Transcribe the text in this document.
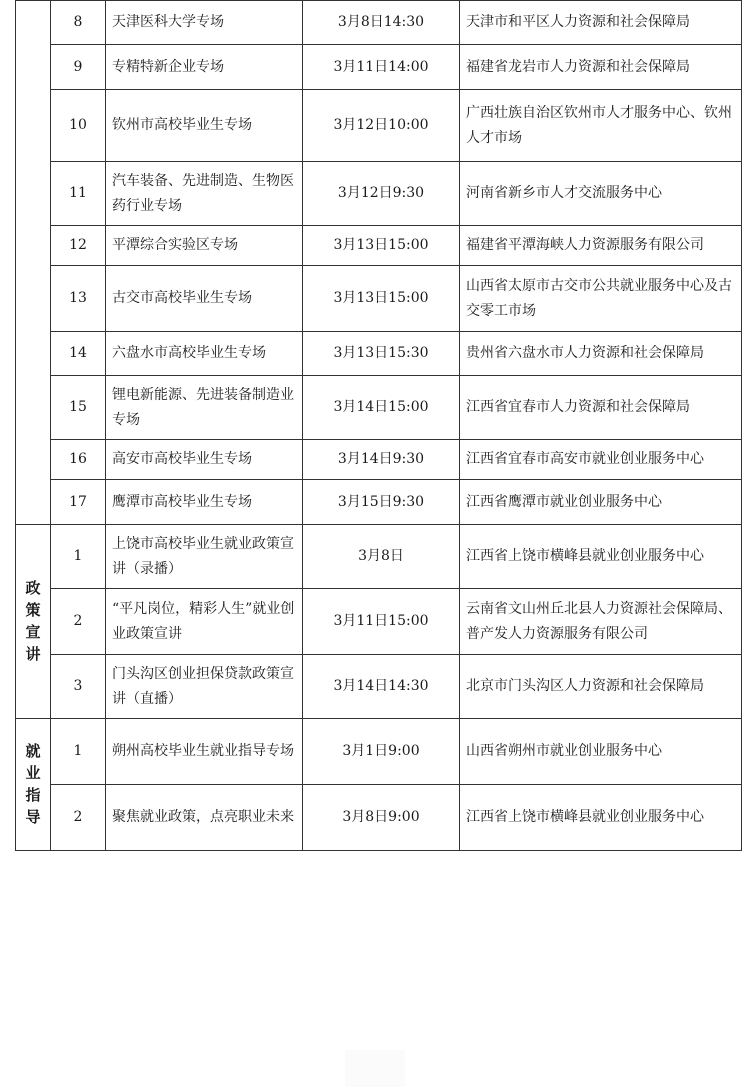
	8	天津医科大学专场	3月8日14:30	天津市和平区人力资源和社会保障局
	9	专精特新企业专场	3月11日14:00	福建省龙岩市人力资源和社会保障局
	10	钦州市高校毕业生专场	3月12日10:00	广西壮族自治区钦州市人才服务中心、钦州人才市场
	11	汽车装备、先进制造、生物医药行业专场	3月12日9:30	河南省新乡市人才交流服务中心
	12	平潭综合实验区专场	3月13日15:00	福建省平潭海峡人力资源服务有限公司
	13	古交市高校毕业生专场	3月13日15:00	山西省太原市古交市公共就业服务中心及古交零工市场
	14	六盘水市高校毕业生专场	3月13日15:30	贵州省六盘水市人力资源和社会保障局
	15	锂电新能源、先进装备制造业专场	3月14日15:00	江西省宜春市人力资源和社会保障局
	16	高安市高校毕业生专场	3月14日9:30	江西省宜春市高安市就业创业服务中心
	17	鹰潭市高校毕业生专场	3月15日9:30	江西省鹰潭市就业创业服务中心
政策宣讲	1	上饶市高校毕业生就业政策宣讲（录播）	3月8日	江西省上饶市横峰县就业创业服务中心
	2	“平凡岗位，精彩人生”就业创业政策宣讲	3月11日15:00	云南省文山州丘北县人力资源社会保障局、普产发人力资源服务有限公司
	3	门头沟区创业担保贷款政策宣讲（直播）	3月14日14:30	北京市门头沟区人力资源和社会保障局
就业指导	1	朔州高校毕业生就业指导专场	3月1日9:00	山西省朔州市就业创业服务中心
	2	聚焦就业政策，点亮职业未来	3月8日9:00	江西省上饶市横峰县就业创业服务中心
